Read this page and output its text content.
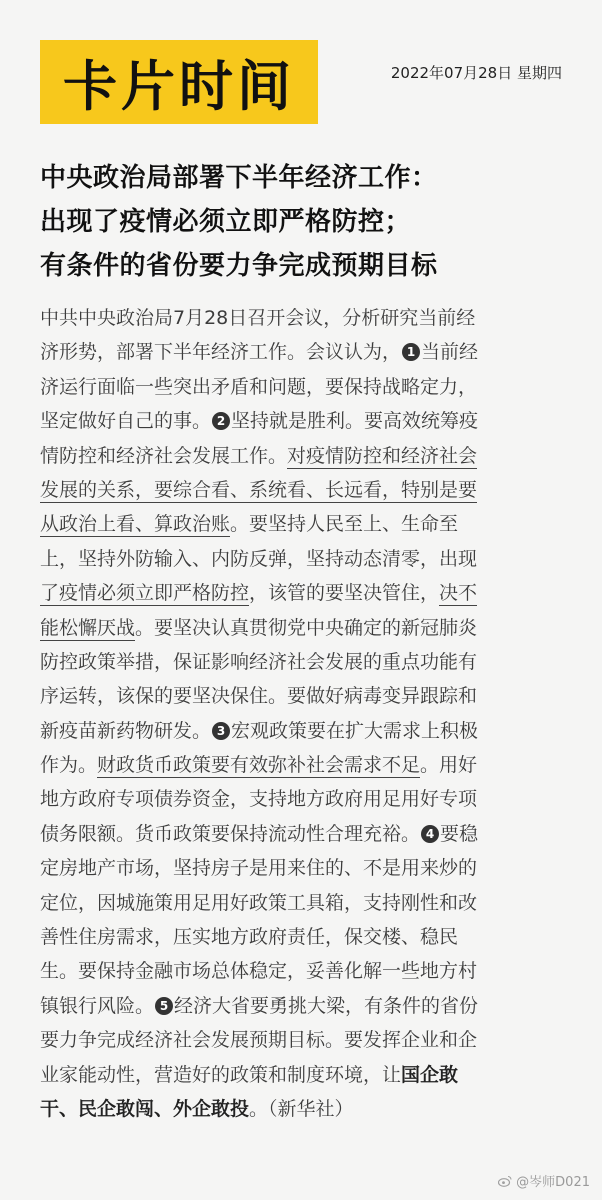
卡片时间	2022年07月28日 星期四
中央政治局部署下半年经济工作：
出现了疫情必须立即严格防控；
有条件的省份要力争完成预期目标
中共中央政治局7月28日召开会议，分析研究当前经
济形势，部署下半年经济工作。会议认为， 1 当前经
济运行面临一些突出矛盾和问题，要保持战略定力，
坚定做好自己的事。 2 坚持就是胜利。要高效统筹疫
情防控和经济社会发展工作。对疫情防控和经济社会
发展的关系，要综合看、系统看、长远看，特别是要
从政治上看、算政治账。要坚持人民至上、生命至
上，坚持外防输入、内防反弹，坚持动态清零，出现
了疫情必须立即严格防控，该管的要坚决管住，决不
能松懈厌战。要坚决认真贯彻党中央确定的新冠肺炎
防控政策举措，保证影响经济社会发展的重点功能有
序运转，该保的要坚决保住。要做好病毒变异跟踪和
新疫苗新药物研发。 3 宏观政策要在扩大需求上积极
作为。财政货币政策要有效弥补社会需求不足。用好
地方政府专项债券资金，支持地方政府用足用好专项
债务限额。货币政策要保持流动性合理充裕。 4 要稳
定房地产市场，坚持房子是用来住的、不是用来炒的
定位，因城施策用足用好政策工具箱，支持刚性和改
善性住房需求，压实地方政府责任，保交楼、稳民
生。要保持金融市场总体稳定，妥善化解一些地方村
镇银行风险。 5 经济大省要勇挑大梁，有条件的省份
要力争完成经济社会发展预期目标。要发挥企业和企
业家能动性，营造好的政策和制度环境，让国企敢
干、民企敢闯、外企敢投。（新华社）
@岑师D021
